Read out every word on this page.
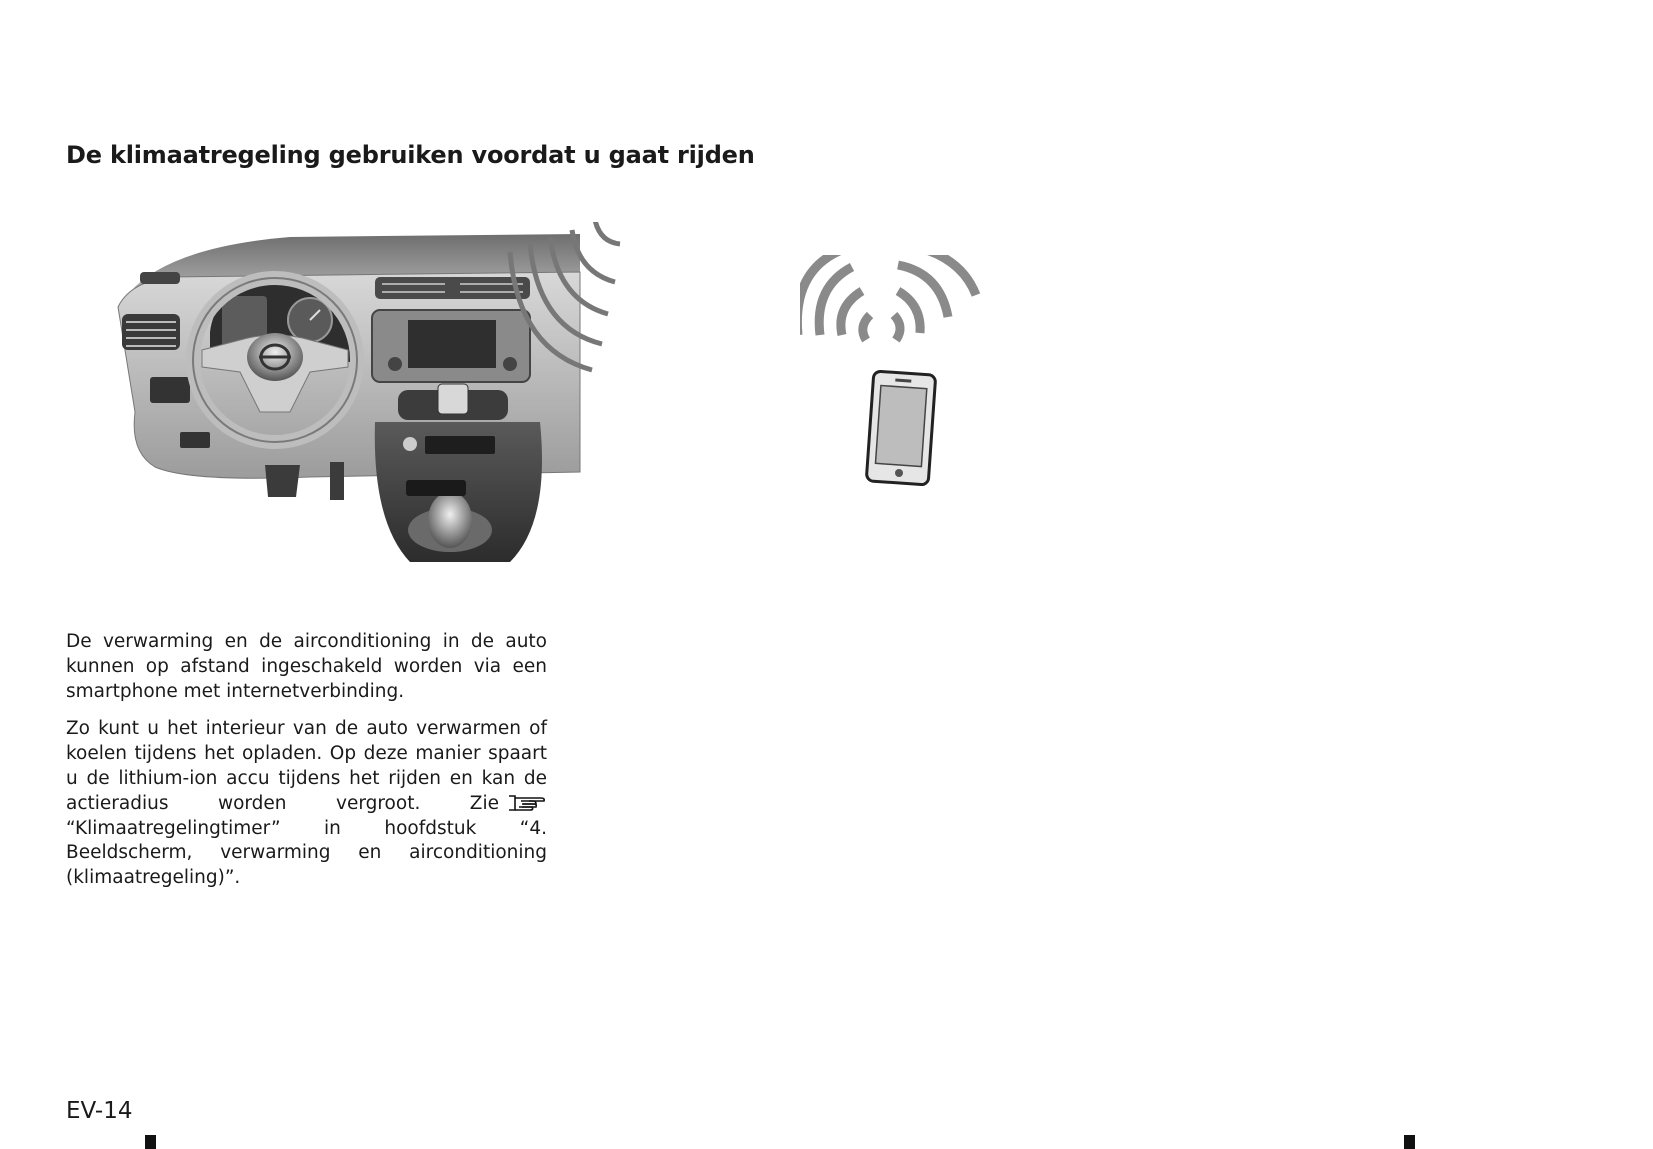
De klimaatregeling gebruiken voordat u gaat rijden

De verwarming en de airconditioning in de auto kunnen op afstand ingeschakeld worden via een smartphone met internetverbinding.

Zo kunt u het interieur van de auto verwarmen of koelen tijdens het opladen. Op deze manier spaart u de lithium-ion accu tijdens het rijden en kan de actieradius worden vergroot. Zie “Klimaatregelingtimer” in hoofdstuk “4. Beeldscherm, verwarming en airconditioning (klimaatregeling)”.

EV-14
